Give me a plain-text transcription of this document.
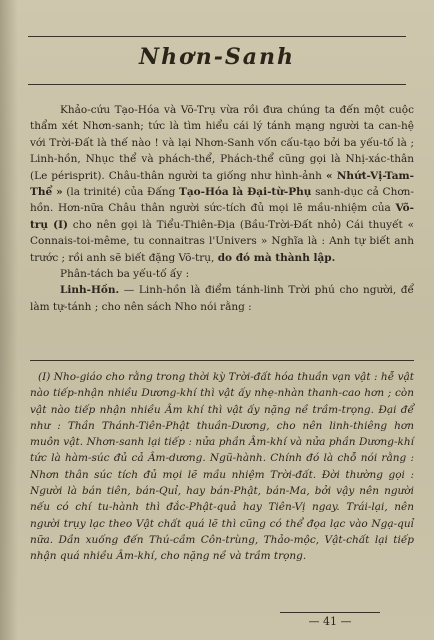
Nhơn-Sanh

Khảo-cứu Tạo-Hóa và Võ-Trụ vừa rồi đưa chúng ta đến một cuộc thẩm xét Nhơn-sanh; tức là tìm hiểu cái lý tánh mạng người ta can-hệ với Trời-Đất là thế nào ! và lại Nhơn-Sanh vốn cấu-tạo bởi ba yếu-tố là ; Linh-hồn, Nhục thể và phách-thể, Phách-thể cũng gọi là Nhị-xác-thân (Le périsprit). Châu-thân người ta giống như hình-ảnh « Nhứt-Vị-Tam-Thể » (la trinité) của Đấng Tạo-Hóa là Đại-từ-Phụ sanh-dục cả Chơn-hồn. Hơn-nữa Châu thân người sức-tích đủ mọi lẽ mầu-nhiệm của Võ-trụ (I) cho nên gọi là Tiểu-Thiên-Địa (Bầu-Trời-Đất nhỏ) Cái thuyết « Connais-toi-même, tu connaitras l'Univers » Nghĩa là : Anh tự biết anh trước ; rồi anh sẽ biết đặng Võ-trụ, do đó mà thành lập.

Phân-tách ba yếu-tố ấy :

Linh-Hồn. — Linh-hồn là điểm tánh-linh Trời phú cho người, để làm tự-tánh ; cho nên sách Nho nói rằng :

(I) Nho-giáo cho rằng trong thời kỳ Trời-đất hóa thuần vạn vật : hễ vật nào tiếp-nhận nhiều Dương-khí thì vật ấy nhẹ-nhàn thanh-cao hơn ; còn vật nào tiếp nhận nhiều Âm khí thì vật ấy nặng nề trầm-trọng. Đại để như : Thần Thánh-Tiên-Phật thuần-Dương, cho nên linh-thiêng hơn muôn vật. Nhơn-sanh lại tiếp : nửa phần Âm-khí và nửa phần Dương-khí tức là hàm-súc đủ cả Âm-dương. Ngũ-hành. Chính đó là chỗ nói rằng : Nhơn thân súc tích đủ mọi lẽ mầu nhiệm Trời-đất. Đời thường gọi : Người là bán tiên, bán-Quỉ, hay bán-Phật, bán-Ma, bởi vậy nên người nếu có chí tu-hành thì đắc-Phật-quả hay Tiên-Vị ngay. Trái-lại, nên người trụy lạc theo Vật chất quá lẽ thì cũng có thể đọa lạc vào Ngạ-quỉ nữa. Dần xuống đến Thú-cầm Côn-trùng, Thảo-mộc, Vật-chất lại tiếp nhận quá nhiều Âm-khí, cho nặng nề và trầm trọng.

— 41 —
